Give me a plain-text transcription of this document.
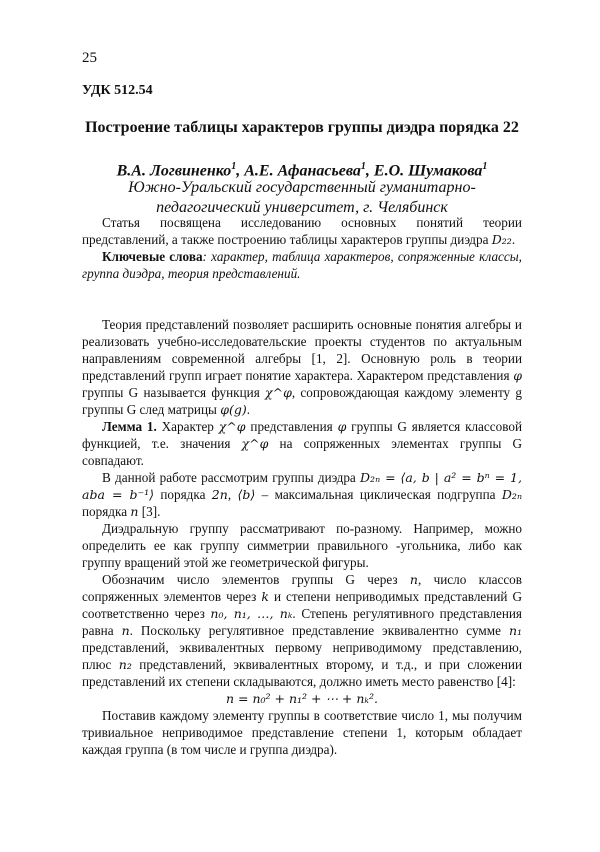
25
УДК 512.54
Построение таблицы характеров группы диэдра порядка 22
В.А. Логвиненко$^1$, А.Е. Афанасьева$^1$, Е.О. Шумакова$^1$
Южно-Уральский государственный гуманитарно-педагогический университет, г. Челябинск

Статья посвящена исследованию основных понятий теории представлений, а также построению таблицы характеров группы диэдра D₂₂.

Ключевые слова: характер, таблица характеров, сопряженные классы, группа диэдра, теория представлений.

Теория представлений позволяет расширить основные понятия алгебры и реализовать учебно-исследовательские проекты студентов по актуальным направлениям современной алгебры [1, 2]. Основную роль в теории представлений групп играет понятие характера. Характером представления φ группы G называется функция χ^φ, сопровождающая каждому элементу g группы G след матрицы φ(g).

Лемма 1. Характер χ^φ представления φ группы G является классовой функцией, т.е. значения χ^φ на сопряженных элементах группы G совпадают.

В данной работе рассмотрим группы диэдра D₂ₙ = ⟨a, b | a² = bⁿ = 1, aba = b⁻¹⟩ порядка 2n, ⟨b⟩ – максимальная циклическая подгруппа D₂ₙ порядка n [3].

Диэдральную группу рассматривают по-разному. Например, можно определить ее как группу симметрии правильного -угольника, либо как группу вращений этой же геометрической фигуры.

Обозначим число элементов группы G через n, число классов сопряженных элементов через k и степени неприводимых представлений G соответственно через n₀, n₁, …, nₖ. Степень регулятивного представления равна n. Поскольку регулятивное представление эквивалентно сумме n₁ представлений, эквивалентных первому неприводимому представлению, плюс n₂ представлений, эквивалентных второму, и т.д., и при сложении представлений их степени складываются, должно иметь место равенство [4]:

n = n₀² + n₁² + ⋯ + nₖ².

Поставив каждому элементу группы в соответствие число 1, мы получим тривиальное неприводимое представление степени 1, которым обладает каждая группа (в том числе и группа диэдра).
